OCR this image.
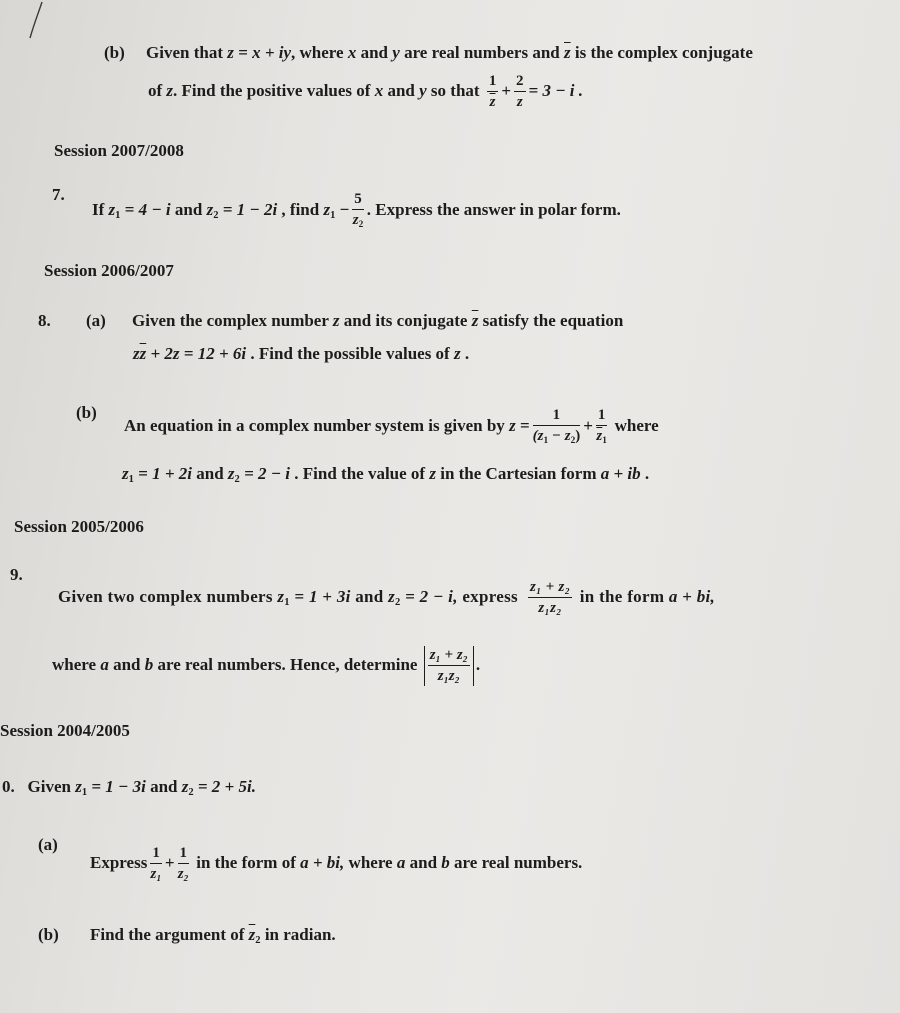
(b) Given that z = x + iy, where x and y are real numbers and $\overline{z}$ is the complex conjugate
of z. Find the positive values of x and y so that $\frac{1}{z} + \frac{2}{z} = 3 - i$ .
Session 2007/2008
7.
If $z_1 = 4 - i$ and $z_2 = 1 - 2i$ , find $z_1 - \frac{5}{z_2}$ . Express the answer in polar form.
Session 2006/2007
8. (a) Given the complex number z and its conjugate $\overline{z}$ satisfy the equation
$z\overline{z} + 2z = 12 + 6i$ . Find the possible values of z .
(b)
An equation in a complex number system is given by $z = \frac{1}{(z_1 - z_2)} + \frac{1}{\overline{z}_1}$ where
$z_1 = 1 + 2i$ and $z_2 = 2 - i$ . Find the value of z in the Cartesian form a + ib .
Session 2005/2006
9.
Given two complex numbers $z_1 = 1 + 3i$ and $z_2 = 2 - i$, express $\frac{\text{z₁ + z₂}}{\text{z₁z₂}}$ in the form a + bi,
where a and b are real numbers. Hence, determine $\frac{\text{z₁ + z₂}}{\text{z₁z₂}}$ .
Session 2004/2005
0. Given $z_1 = 1 - 3i$ and $z_2 = 2 + 5i$.
(a)
Express $\frac{1}{\text{z₁}} + \frac{1}{\text{z₂}}$ in the form of a + bi, where a and b are real numbers.
(b) Find the argument of $\overline{z}_2$ in radian.
